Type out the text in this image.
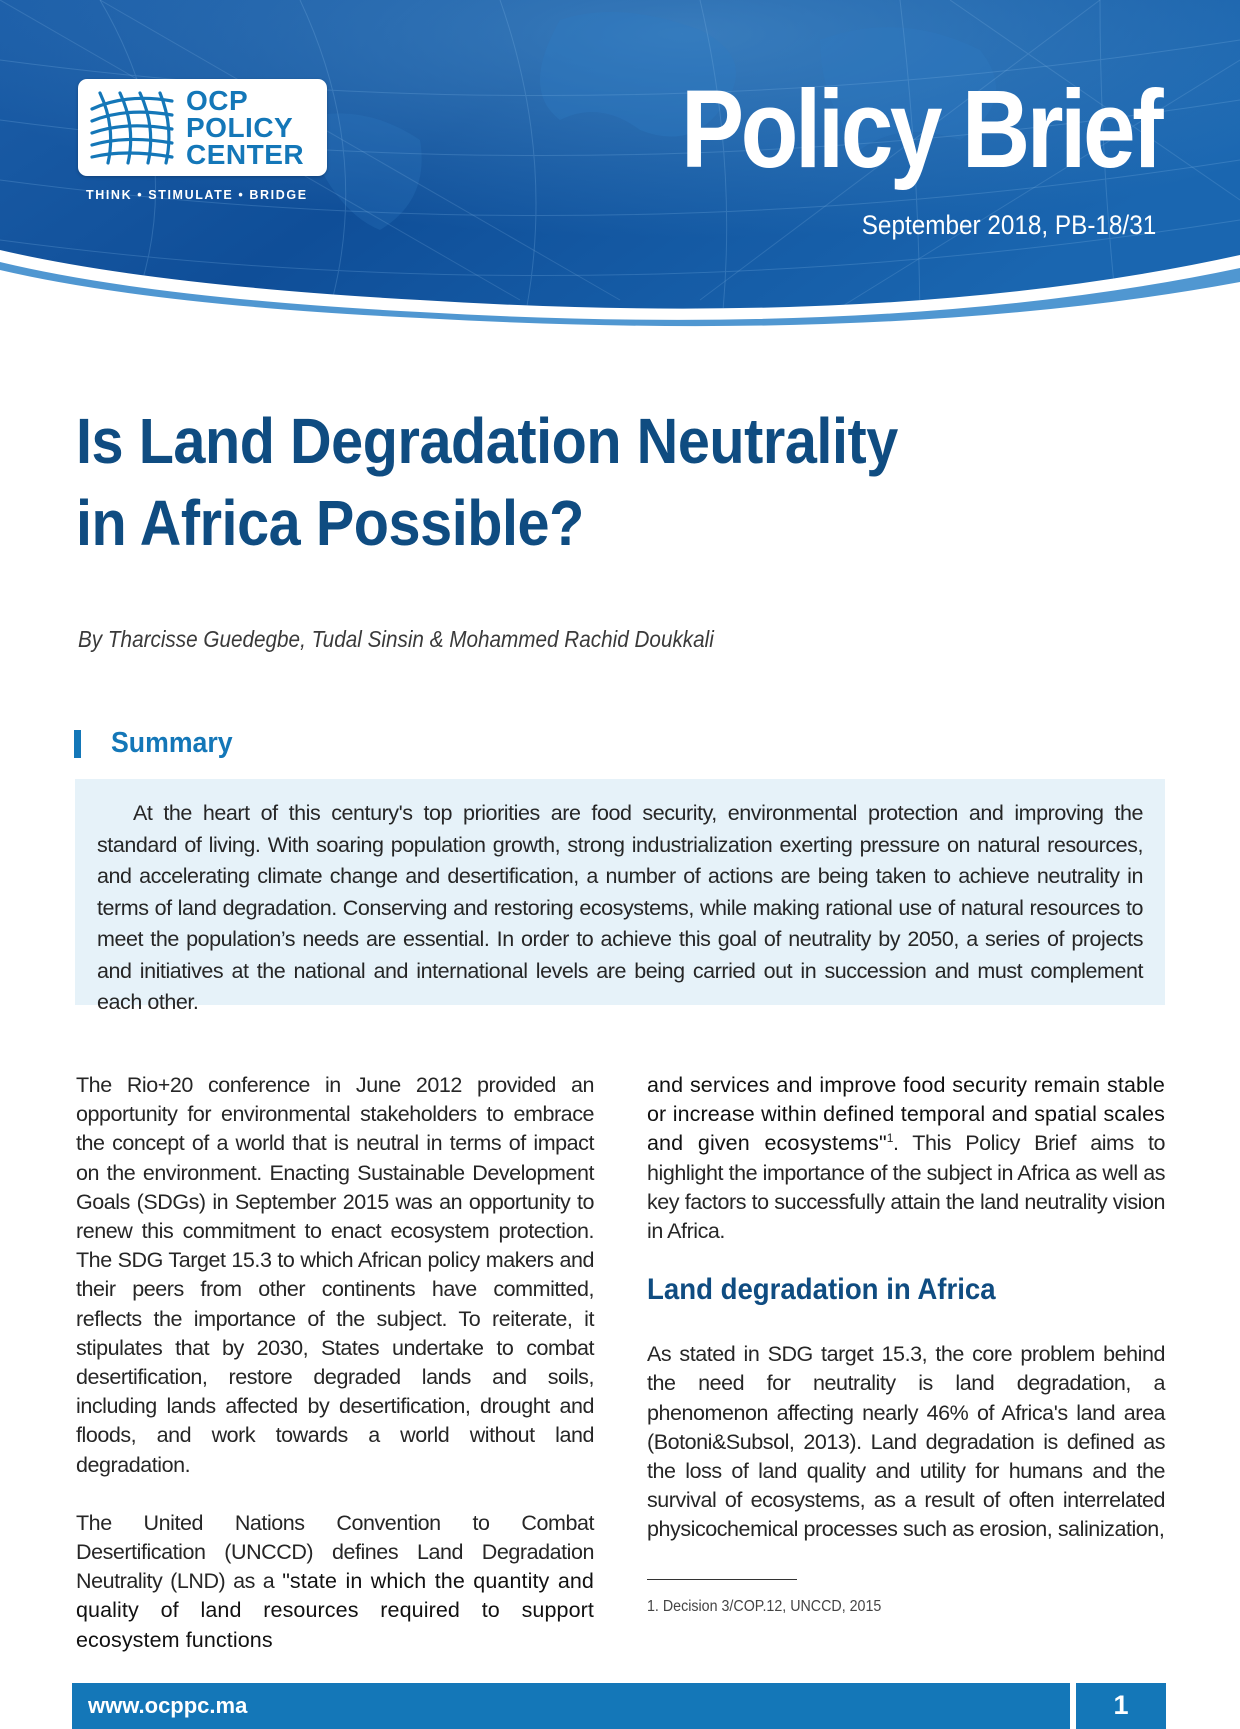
OCP
POLICY
CENTER
THINK • STIMULATE • BRIDGE
Policy Brief
September 2018, PB-18/31
Is Land Degradation Neutrality
in Africa Possible?
By Tharcisse Guedegbe, Tudal Sinsin & Mohammed Rachid Doukkali
Summary

At the heart of this century's top priorities are food security, environmental protection and improving the standard of living. With soaring population growth, strong industrialization exerting pressure on natural resources, and accelerating climate change and desertification, a number of actions are being taken to achieve neutrality in terms of land degradation. Conserving and restoring ecosystems, while making rational use of natural resources to meet the population’s needs are essential. In order to achieve this goal of neutrality by 2050, a series of projects and initiatives at the national and international levels are being carried out in succession and must complement each other.

The Rio+20 conference in June 2012 provided an opportunity for environmental stakeholders to embrace the concept of a world that is neutral in terms of impact on the environment. Enacting Sustainable Development Goals (SDGs) in September 2015 was an opportunity to renew this commitment to enact ecosystem protection. The SDG Target 15.3 to which African policy makers and their peers from other continents have committed, reflects the importance of the subject. To reiterate, it stipulates that by 2030, States undertake to combat desertification, restore degraded lands and soils, including lands affected by desertification, drought and floods, and work towards a world without land degradation.

The United Nations Convention to Combat Desertification (UNCCD) defines Land Degradation Neutrality (LND) as a "state in which the quantity and quality of land resources required to support ecosystem functions

and services and improve food security remain stable or increase within defined temporal and spatial scales and given ecosystems"$^1$. This Policy Brief aims to highlight the importance of the subject in Africa as well as key factors to successfully attain the land neutrality vision in Africa.

Land degradation in Africa

As stated in SDG target 15.3, the core problem behind the need for neutrality is land degradation, a phenomenon affecting nearly 46% of Africa's land area (Botoni&Subsol, 2013). Land degradation is defined as the loss of land quality and utility for humans and the survival of ecosystems, as a result of often interrelated physicochemical processes such as erosion, salinization,

1. Decision 3/COP.12, UNCCD, 2015
www.ocppc.ma	1
